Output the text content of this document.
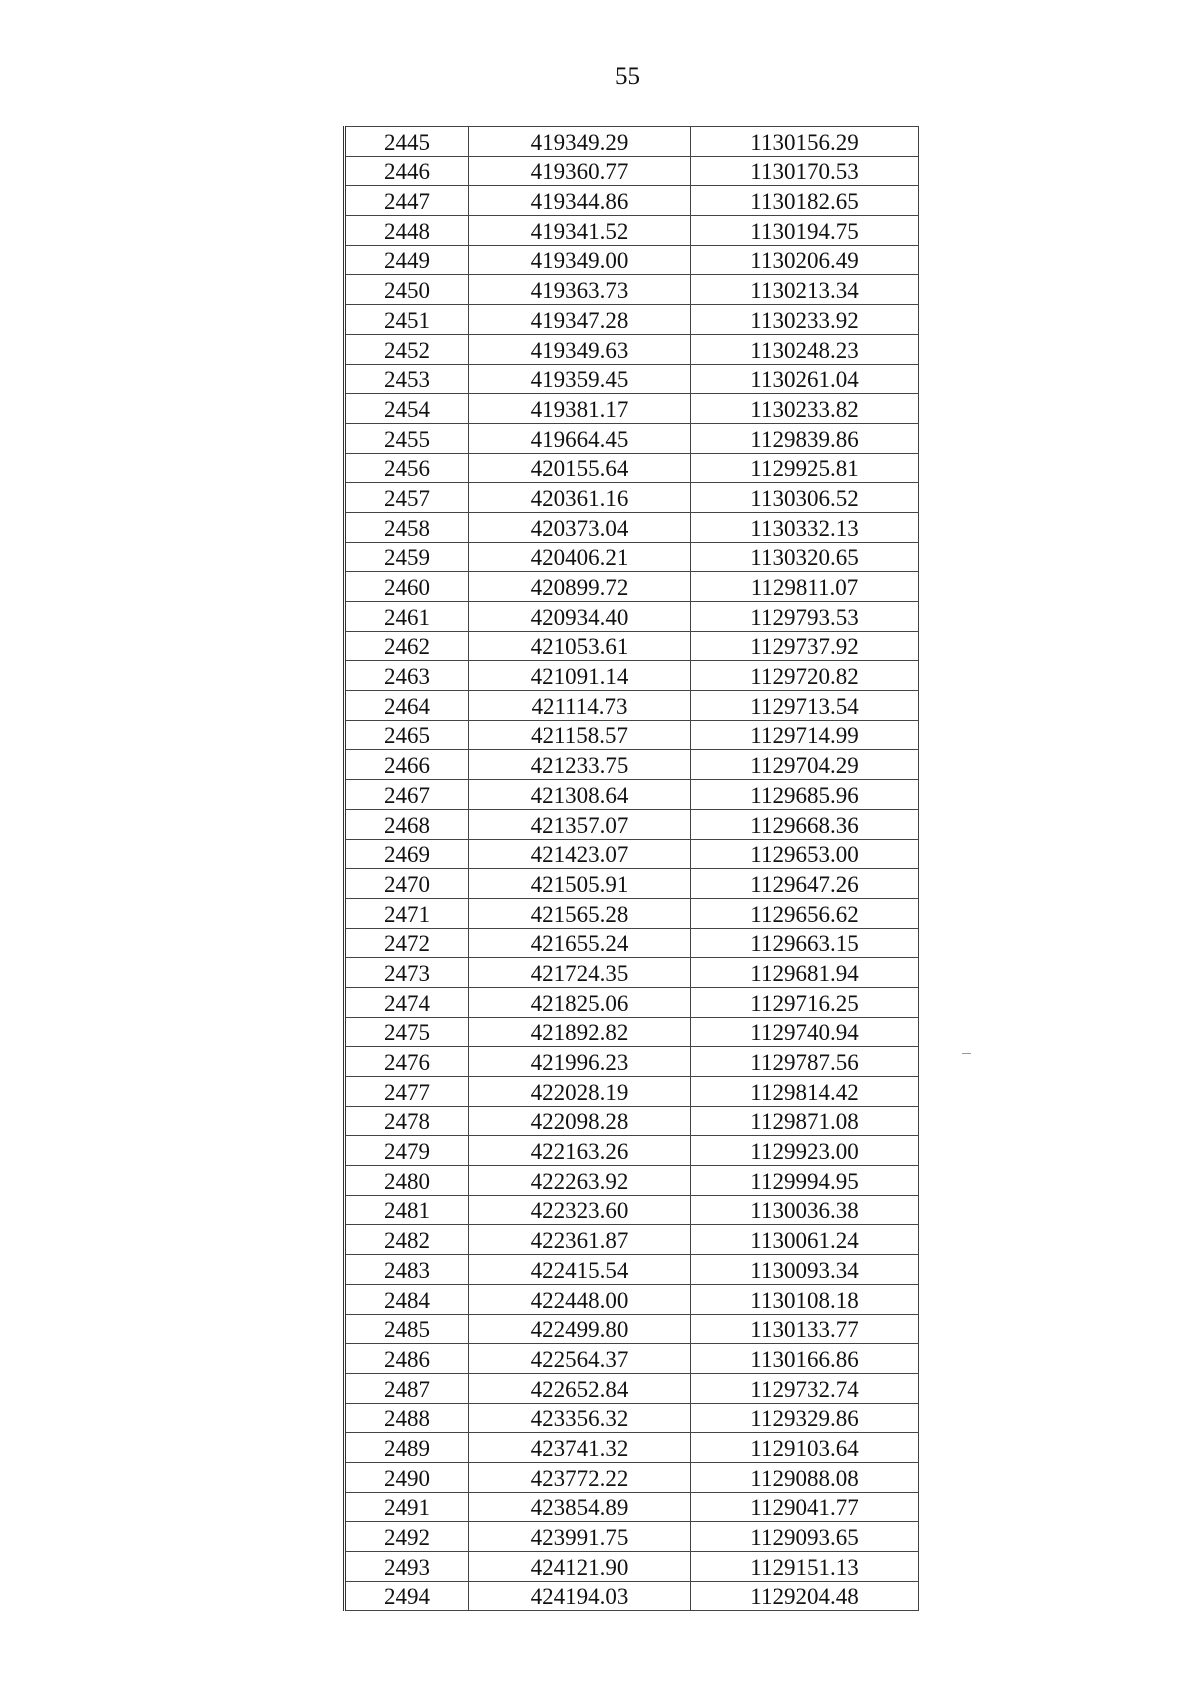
55
2445	419349.29	1130156.29
2446	419360.77	1130170.53
2447	419344.86	1130182.65
2448	419341.52	1130194.75
2449	419349.00	1130206.49
2450	419363.73	1130213.34
2451	419347.28	1130233.92
2452	419349.63	1130248.23
2453	419359.45	1130261.04
2454	419381.17	1130233.82
2455	419664.45	1129839.86
2456	420155.64	1129925.81
2457	420361.16	1130306.52
2458	420373.04	1130332.13
2459	420406.21	1130320.65
2460	420899.72	1129811.07
2461	420934.40	1129793.53
2462	421053.61	1129737.92
2463	421091.14	1129720.82
2464	421114.73	1129713.54
2465	421158.57	1129714.99
2466	421233.75	1129704.29
2467	421308.64	1129685.96
2468	421357.07	1129668.36
2469	421423.07	1129653.00
2470	421505.91	1129647.26
2471	421565.28	1129656.62
2472	421655.24	1129663.15
2473	421724.35	1129681.94
2474	421825.06	1129716.25
2475	421892.82	1129740.94
2476	421996.23	1129787.56
2477	422028.19	1129814.42
2478	422098.28	1129871.08
2479	422163.26	1129923.00
2480	422263.92	1129994.95
2481	422323.60	1130036.38
2482	422361.87	1130061.24
2483	422415.54	1130093.34
2484	422448.00	1130108.18
2485	422499.80	1130133.77
2486	422564.37	1130166.86
2487	422652.84	1129732.74
2488	423356.32	1129329.86
2489	423741.32	1129103.64
2490	423772.22	1129088.08
2491	423854.89	1129041.77
2492	423991.75	1129093.65
2493	424121.90	1129151.13
2494	424194.03	1129204.48
